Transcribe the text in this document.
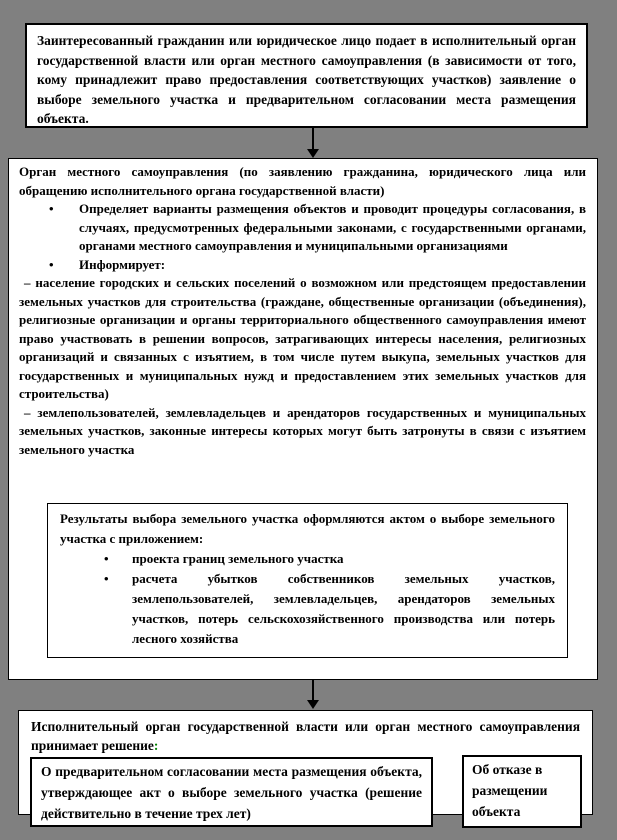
Заинтересованный гражданин или юридическое лицо подает в исполнительный орган государственной власти или орган местного самоуправления (в зависимости от того, кому принадлежит право предоставления соответствующих участков) заявление о выборе земельного участка и предварительном согласовании места размещения объекта.
Орган местного самоуправления (по заявлению гражданина, юридического лица или обращению исполнительного органа государственной власти)
• Определяет варианты размещения объектов и проводит процедуры согласования, в случаях, предусмотренных федеральными законами, с государственными органами, органами местного самоуправления и муниципальными организациями
• Информирует:
– население городских и сельских поселений о возможном или предстоящем предоставлении земельных участков для строительства (граждане, общественные организации (объединения), религиозные организации и органы территориального общественного самоуправления имеют право участвовать в решении вопросов, затрагивающих интересы населения, религиозных организаций и связанных с изъятием, в том числе путем выкупа, земельных участков для государственных и муниципальных нужд и предоставлением этих земельных участков для строительства)
– землепользователей, землевладельцев и арендаторов государственных и муниципальных земельных участков, законные интересы которых могут быть затронуты в связи с изъятием земельного участка
Результаты выбора земельного участка оформляются актом о выборе земельного участка с приложением:
• проекта границ земельного участка
• расчета убытков собственников земельных участков, землепользователей, землевладельцев, арендаторов земельных участков, потерь сельскохозяйственного производства или потерь лесного хозяйства
Исполнительный орган государственной власти или орган местного самоуправления принимает решение:
О предварительном согласовании места размещения объекта, утверждающее акт о выборе земельного участка (решение действительно в течение трех лет)
Об отказе в размещении объекта
